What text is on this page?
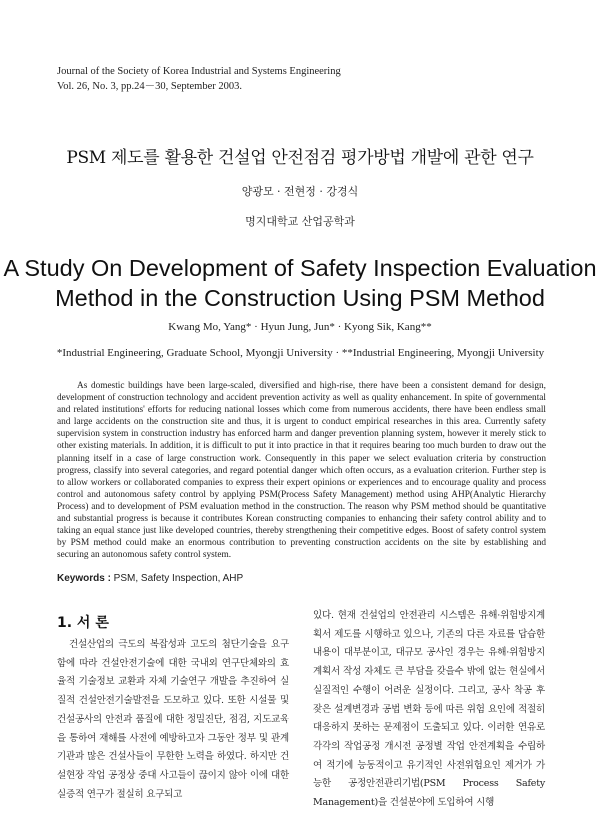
Journal of the Society of Korea Industrial and Systems Engineering
Vol. 26, No. 3, pp.24－30, September 2003.
PSM 제도를 활용한 건설업 안전점검 평가방법 개발에 관한 연구
양광모 · 전현정 · 강경식
명지대학교 산업공학과
A Study On Development of Safety Inspection Evaluation
Method in the Construction Using PSM Method
Kwang Mo, Yang* · Hyun Jung, Jun* · Kyong Sik, Kang**
*Industrial Engineering, Graduate School, Myongji University · **Industrial Engineering, Myongji University

As domestic buildings have been large-scaled, diversified and high-rise, there have been a consistent demand for design, development of construction technology and accident prevention activity as well as quality enhancement. In spite of governmental and related institutions' efforts for reducing national losses which come from numerous accidents, there have been endless small and large accidents on the construction site and thus, it is urgent to conduct empirical researches in this area. Currently safety supervision system in construction industry has enforced harm and danger prevention planning system, however it merely stick to other existing materials. In addition, it is difficult to put it into practice in that it requires bearing too much burden to draw out the planning itself in a case of large construction work. Consequently in this paper we select evaluation criteria by construction progress, classify into several categories, and regard potential danger which often occurs, as a evaluation criterion. Further step is to allow workers or collaborated companies to express their expert opinions or experiences and to encourage quality and process control and autonomous safety control by applying PSM(Process Safety Management) method using AHP(Analytic Hierarchy Process) and to development of PSM evaluation method in the construction. The reason why PSM method should be quantitative and substantial progress is because it contributes Korean constructing companies to enhancing their safety control ability and to taking an equal stance just like developed countries, thereby strengthening their competitive edges. Boost of safety control system by PSM method could make an enormous contribution to preventing construction accidents on the site by establishing and securing an autonomous safety control system.

Keywords : PSM, Safety Inspection, AHP
1. 서 론

건설산업의 극도의 복잡성과 고도의 첨단기술을 요구함에 따라 건설안전기술에 대한 국내외 연구단체와의 효율적 기술정보 교환과 자체 기술연구 개발을 추진하여 실질적 건설안전기술발전을 도모하고 있다. 또한 시설물 및 건설공사의 안전과 품질에 대한 정밀진단, 점검, 지도교육을 통하여 재해를 사전에 예방하고자 그동안 정부 및 관계기관과 많은 건설사들이 무한한 노력을 하였다. 하지만 건설현장 작업 공정상 중대 사고들이 끊이지 않아 이에 대한 실증적 연구가 절실히 요구되고

있다. 현재 건설업의 안전관리 시스템은 유해·위험방지계획서 제도를 시행하고 있으나, 기존의 다른 자료를 답습한 내용이 대부분이고, 대규모 공사인 경우는 유해·위험방지계획서 작성 자체도 큰 부담을 갖을수 밖에 없는 현실에서 실질적인 수행이 어려운 실정이다. 그리고, 공사 착공 후 잦은 설계변경과 공법 변화 등에 따른 위험 요인에 적절히 대응하지 못하는 문제점이 도출되고 있다. 이러한 연유로 각각의 작업공정 개시전 공정별 작업 안전계획을 수립하여 적기에 능동적이고 유기적인 사전위험요인 제거가 가능한 공정안전관리기법(PSM Process Safety Management)을 건설분야에 도입하여 시행
